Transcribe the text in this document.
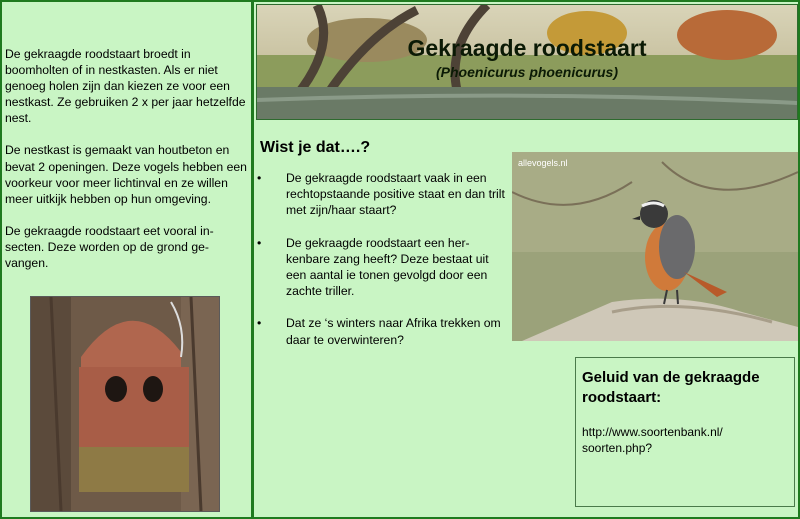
De gekraagde roodstaart broedt in boomholten of in nestkasten. Als er niet genoeg holen zijn dan kiezen ze voor een nestkast. Ze gebruiken 2 x per jaar hetzelfde nest.

De nestkast is gemaakt van houtbeton en bevat 2 openingen. Deze vogels hebben een voorkeur voor meer lichtinval en ze willen meer uitkijk hebben op hun omgeving.

De gekraagde roodstaart eet vooral in- secten. Deze worden op de grond ge- vangen.

Gekraagde roodstaart
(Phoenicurus phoenicurus)
Wist je dat….?
• De gekraagde roodstaart vaak in een rechtopstaande positive staat en dan trilt met zijn/haar staart?
• De gekraagde roodstaart een her- kenbare zang heeft? Deze bestaat uit een aantal ie tonen gevolgd door een zachte triller.
• Dat ze ‘s winters naar Afrika trekken om daar te overwinteren?
allevogels.nl
Geluid van de gekraagde roodstaart:
http://www.soortenbank.nl/ soorten.php?
